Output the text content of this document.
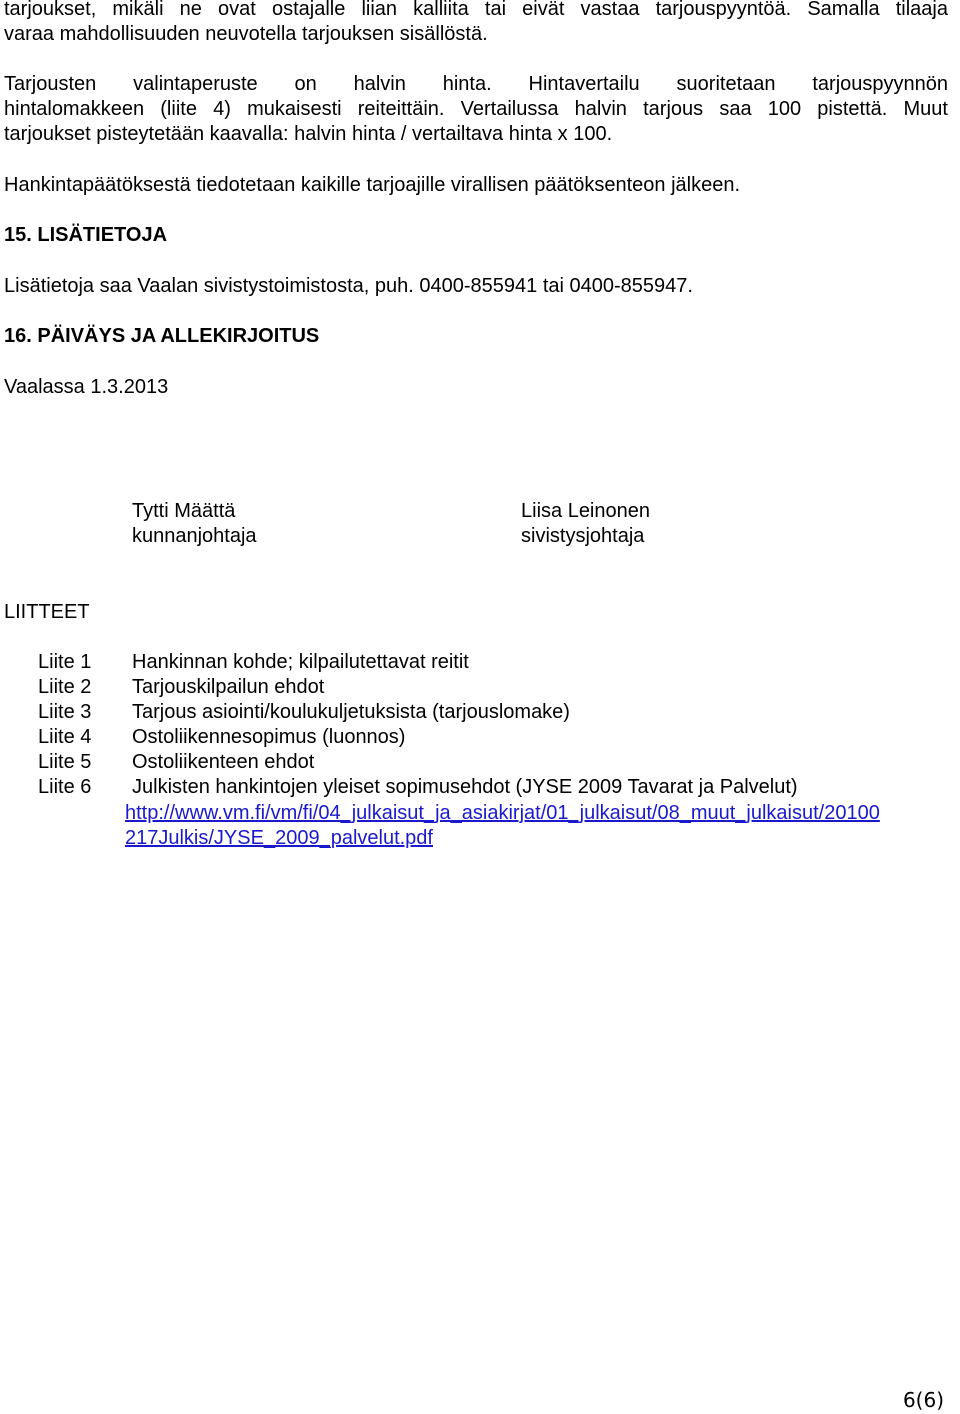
tarjoukset, mikäli ne ovat ostajalle liian kalliita tai eivät vastaa tarjouspyyntöä. Samalla tilaaja
varaa mahdollisuuden neuvotella tarjouksen sisällöstä.

Tarjousten valintaperuste on halvin hinta. Hintavertailu suoritetaan tarjouspyynnön
hintalomakkeen (liite 4) mukaisesti reiteittäin. Vertailussa halvin tarjous saa 100 pistettä. Muut
tarjoukset pisteytetään kaavalla: halvin hinta / vertailtava hinta x 100.

Hankintapäätöksestä tiedotetaan kaikille tarjoajille virallisen päätöksenteon jälkeen.

15. LISÄTIETOJA

Lisätietoja saa Vaalan sivistystoimistosta, puh. 0400-855941 tai 0400-855947.

16. PÄIVÄYS JA ALLEKIRJOITUS

Vaalassa 1.3.2013

Tytti Määttä
kunnanjohtaja
Liisa Leinonen
sivistysjohtaja
LIITTEET
Liite 1 Hankinnan kohde; kilpailutettavat reitit
Liite 2 Tarjouskilpailun ehdot
Liite 3 Tarjous asiointi/koulukuljetuksista (tarjouslomake)
Liite 4 Ostoliikennesopimus (luonnos)
Liite 5 Ostoliikenteen ehdot
Liite 6 Julkisten hankintojen yleiset sopimusehdot (JYSE 2009 Tavarat ja Palvelut)
http://www.vm.fi/vm/fi/04_julkaisut_ja_asiakirjat/01_julkaisut/08_muut_julkaisut/20100
217Julkis/JYSE_2009_palvelut.pdf
6(6)
